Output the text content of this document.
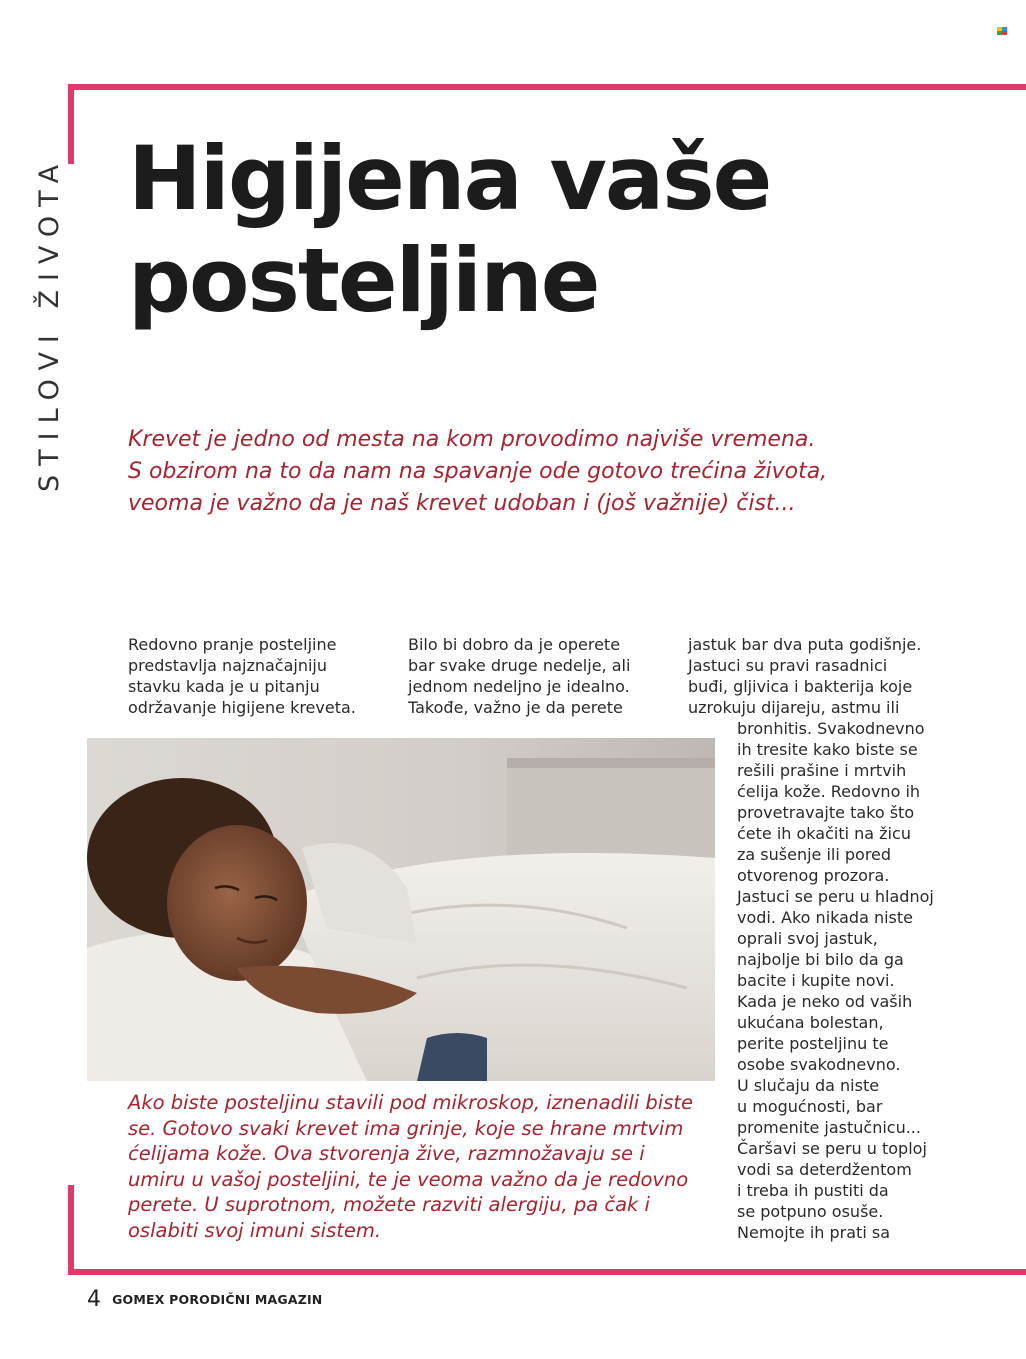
STILOVI ŽIVOTA Higijena vaše
posteljine

Krevet je jedno od mesta na kom provodimo najviše vremena.
S obzirom na to da nam na spavanje ode gotovo trećina života,
veoma je važno da je naš krevet udoban i (još važnije) čist...

Redovno pranje posteljine
predstavlja najznačajniju
stavku kada je u pitanju
održavanje higijene kreveta.

Bilo bi dobro da je operete
bar svake druge nedelje, ali
jednom nedeljno je idealno.
Takođe, važno je da perete

jastuk bar dva puta godišnje.
Jastuci su pravi rasadnici
buđi, gljivica i bakterija koje
uzrokuju dijareju, astmu ili
bronhitis. Svakodnevno
ih tresite kako biste se
rešili prašine i mrtvih
ćelija kože. Redovno ih
provetravajte tako što
ćete ih okačiti na žicu
za sušenje ili pored
otvorenog prozora.
Jastuci se peru u hladnoj
vodi. Ako nikada niste
oprali svoj jastuk,
najbolje bi bilo da ga
bacite i kupite novi.
Kada je neko od vaših
ukućana bolestan,
perite posteljinu te
osobe svakodnevno.
U slučaju da niste
u mogućnosti, bar
promenite jastučnicu...
Čaršavi se peru u toploj
vodi sa deterdžentom
i treba ih pustiti da
se potpuno osuše.
Nemojte ih prati sa

Ako biste posteljinu stavili pod mikroskop, iznenadili biste
se. Gotovo svaki krevet ima grinje, koje se hrane mrtvim
ćelijama kože. Ova stvorenja žive, razmnožavaju se i
umiru u vašoj posteljini, te je veoma važno da je redovno
perete. U suprotnom, možete razviti alergiju, pa čak i
oslabiti svoj imuni sistem.

4 GOMEX PORODIČNI MAGAZIN
